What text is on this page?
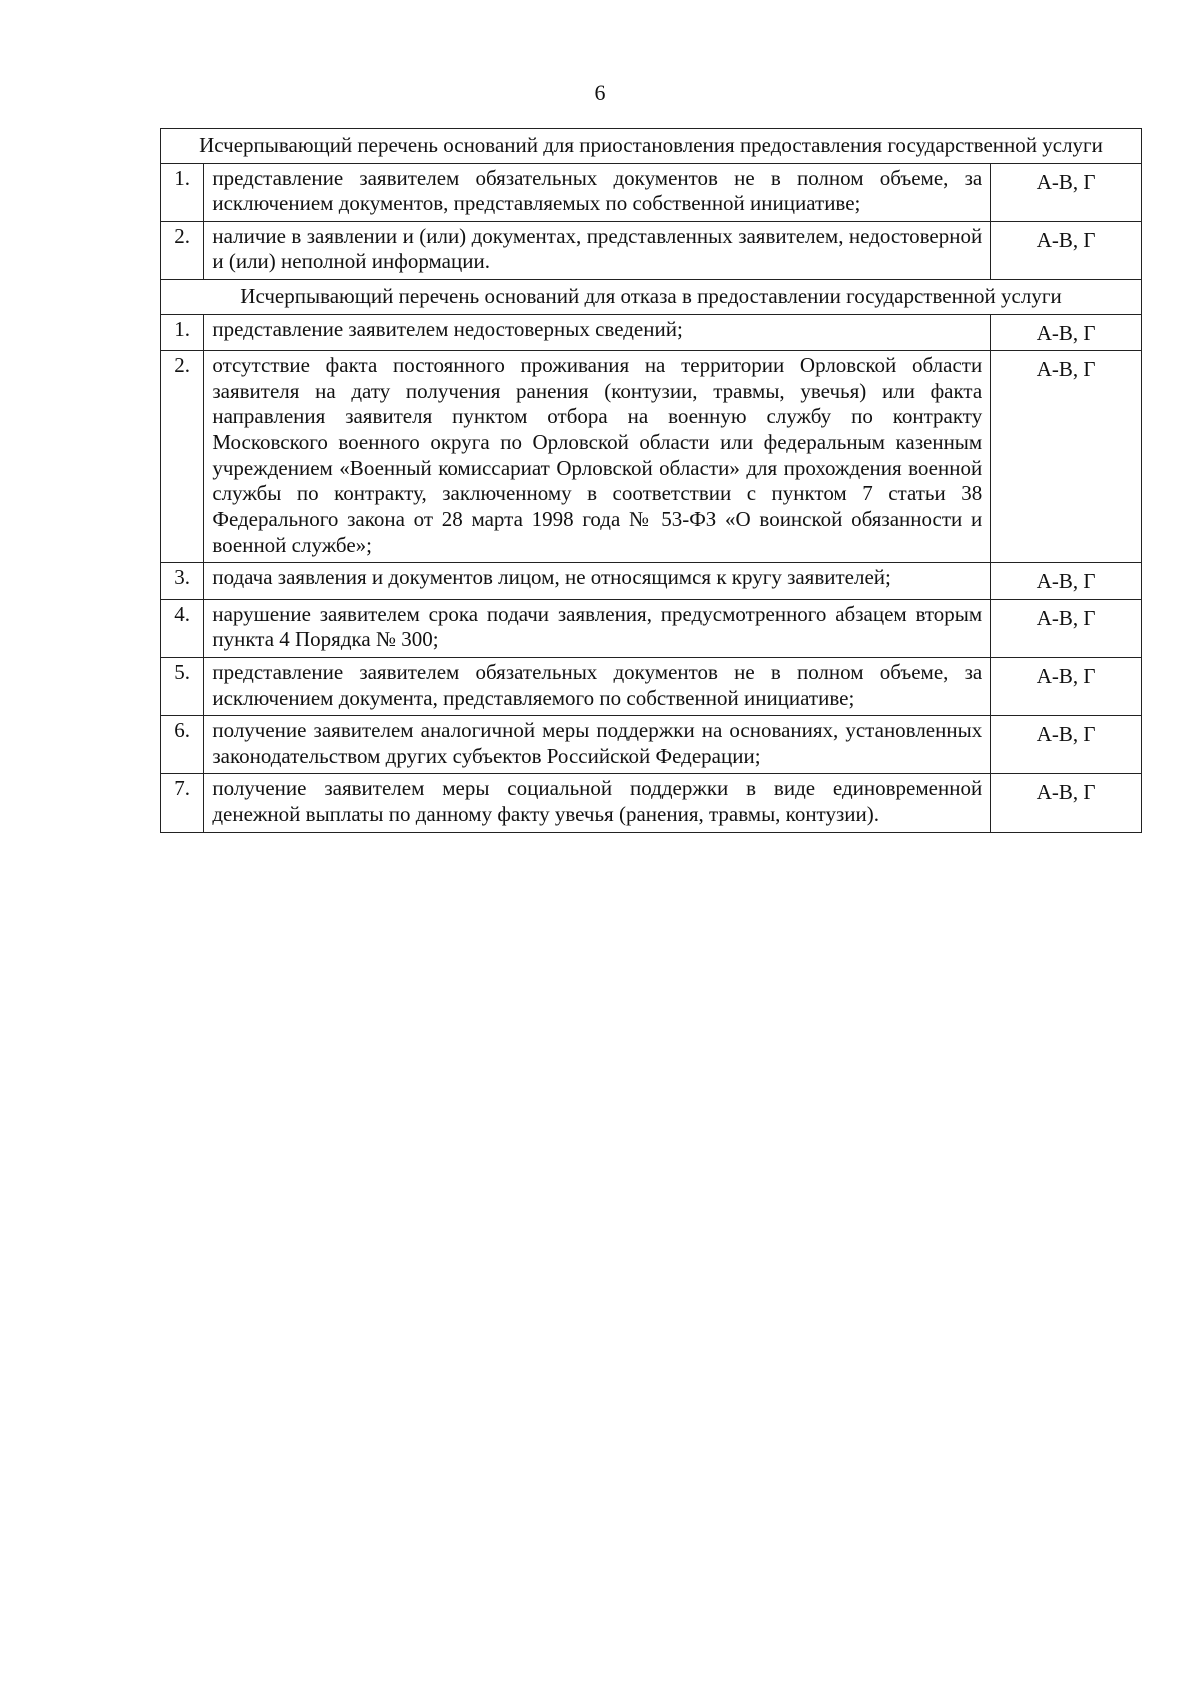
6
Исчерпывающий перечень оснований для приостановления предоставления государственной услуги		
1.	представление заявителем обязательных документов не в полном объеме, за исключением документов, представляемых по собственной инициативе;	А-В, Г
2.	наличие в заявлении и (или) документах, представленных заявителем, недостоверной и (или) неполной информации.	А-В, Г
Исчерпывающий перечень оснований для отказа в предоставлении государственной услуги		
1.	представление заявителем недостоверных сведений;	А-В, Г
2.	отсутствие факта постоянного проживания на территории Орловской области заявителя на дату получения ранения (контузии, травмы, увечья) или факта направления заявителя пунктом отбора на военную службу по контракту Московского военного округа по Орловской области или федеральным казенным учреждением «Военный комиссариат Орловской области» для прохождения военной службы по контракту, заключенному в соответствии с пунктом 7 статьи 38 Федерального закона от 28 марта 1998 года № 53-ФЗ «О воинской обязанности и военной службе»;	А-В, Г
3.	подача заявления и документов лицом, не относящимся к кругу заявителей;	А-В, Г
4.	нарушение заявителем срока подачи заявления, предусмотренного абзацем вторым пункта 4 Порядка № 300;	А-В, Г
5.	представление заявителем обязательных документов не в полном объеме, за исключением документа, представляемого по собственной инициативе;	А-В, Г
6.	получение заявителем аналогичной меры поддержки на основаниях, установленных законодательством других субъектов Российской Федерации;	А-В, Г
7.	получение заявителем меры социальной поддержки в виде единовременной денежной выплаты по данному факту увечья (ранения, травмы, контузии).	А-В, Г
